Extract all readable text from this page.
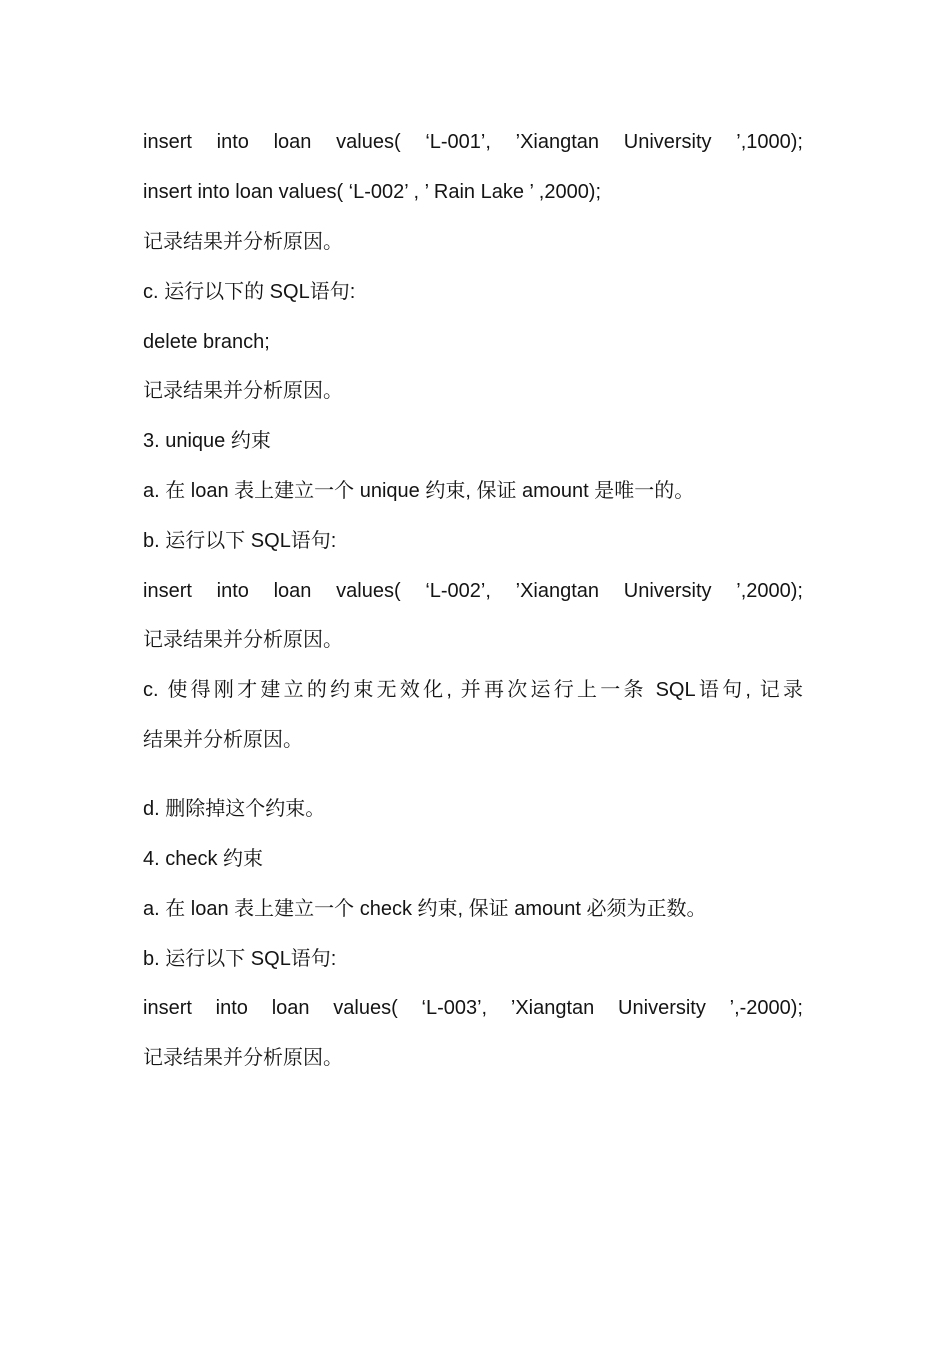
insert into loan values( ‘L-001’, ’Xiangtan University ’,1000);
insert into loan values( ‘L-002’ , ’ Rain Lake ’ ,2000);
记录结果并分析原因。
c. 运行以下的 SQL语句:
delete branch;
记录结果并分析原因。
3. unique 约束
a. 在 loan 表上建立一个 unique 约束, 保证 amount 是唯一的。
b. 运行以下 SQL语句:
insert into loan values( ‘L-002’, ’Xiangtan University ’,2000);
记录结果并分析原因。
c. 使得刚才建立的约束无效化, 并再次运行上一条 SQL语句, 记录
结果并分析原因。
d. 删除掉这个约束。
4. check 约束
a. 在 loan 表上建立一个 check 约束, 保证 amount 必须为正数。
b. 运行以下 SQL语句:
insert into loan values( ‘L-003’, ’Xiangtan University ’,-2000);
记录结果并分析原因。
